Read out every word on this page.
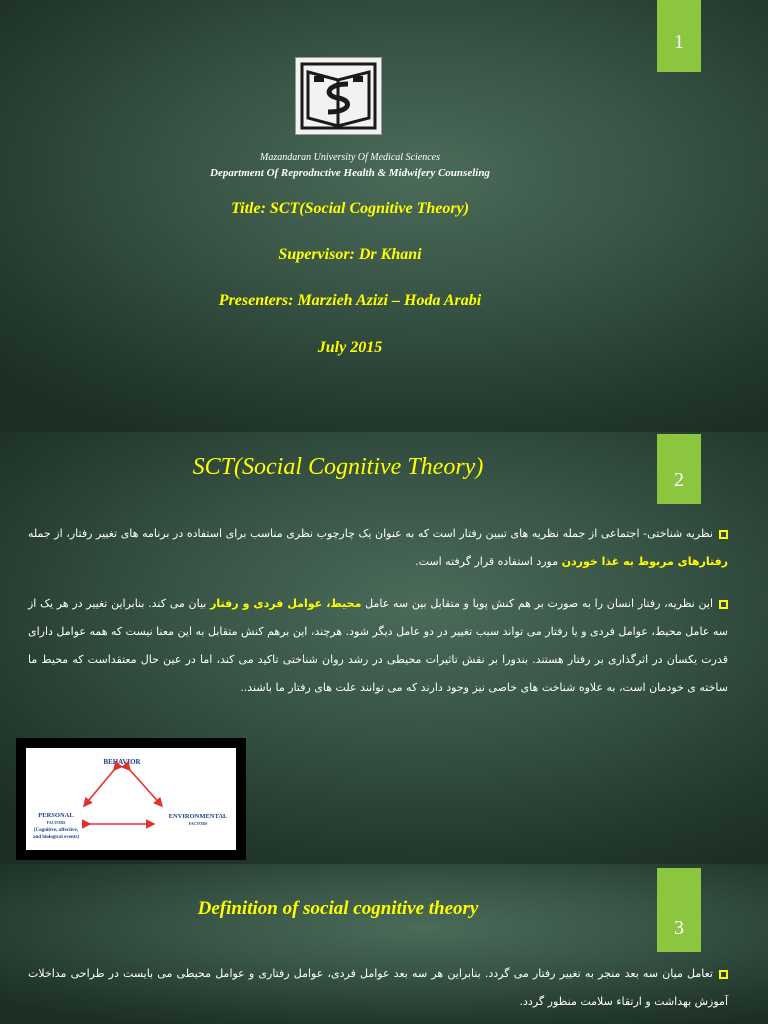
1
Mazandaran University Of Medical Sciences
Department Of Reprodnctive Health & Midwifery Counseling
Title: SCT(Social Cognitive Theory)
Supervisor: Dr Khani
Presenters: Marzieh Azizi – Hoda Arabi
July 2015
2
SCT(Social Cognitive Theory)
نظریه شناختی- اجتماعی از جمله نظریه های تبیین رفتار است که به عنوان یک چارچوب نظری مناسب برای استفاده در برنامه های تغییر رفتار، از جمله رفتارهای مربوط به غذا خوردن مورد استفاده قرار گرفته است.
این نظریه، رفتار انسان را به صورت بر هم کنش پویا و متقابل بین سه عامل محیط، عوامل فردی و رفتار بیان می کند. بنابراین تغییر در هر یک از سه عامل محیط، عوامل فردی و یا رفتار می تواند سبب تغییر در دو عامل دیگر شود. هرچند، این برهم کنش متقابل به این معنا نیست که همه عوامل دارای قدرت یکسان در اثرگذاری بر رفتار هستند. بندورا بر نقش تاثیرات محیطی در رشد روان شناختی تاکید می کند، اما در عین حال معتقداست که محیط ما ساخته ی خودمان است، به علاوه شناخت های خاصی نیز وجود دارند که می توانند علت های رفتار ما باشند..
BEHAVIOR
PERSONAL
FACTORS
(Cognitive, affective,
and biological events)
ENVIRONMENTAL
FACTORS
3
Definition of social cognitive theory
تعامل میان سه بعد منجر به تغییر رفتار می گردد. بنابراین هر سه بعد عوامل فردی، عوامل رفتاری و عوامل محیطی می بایست در طراحی مداخلات آموزش بهداشت و ارتقاء سلامت منظور گردد.
